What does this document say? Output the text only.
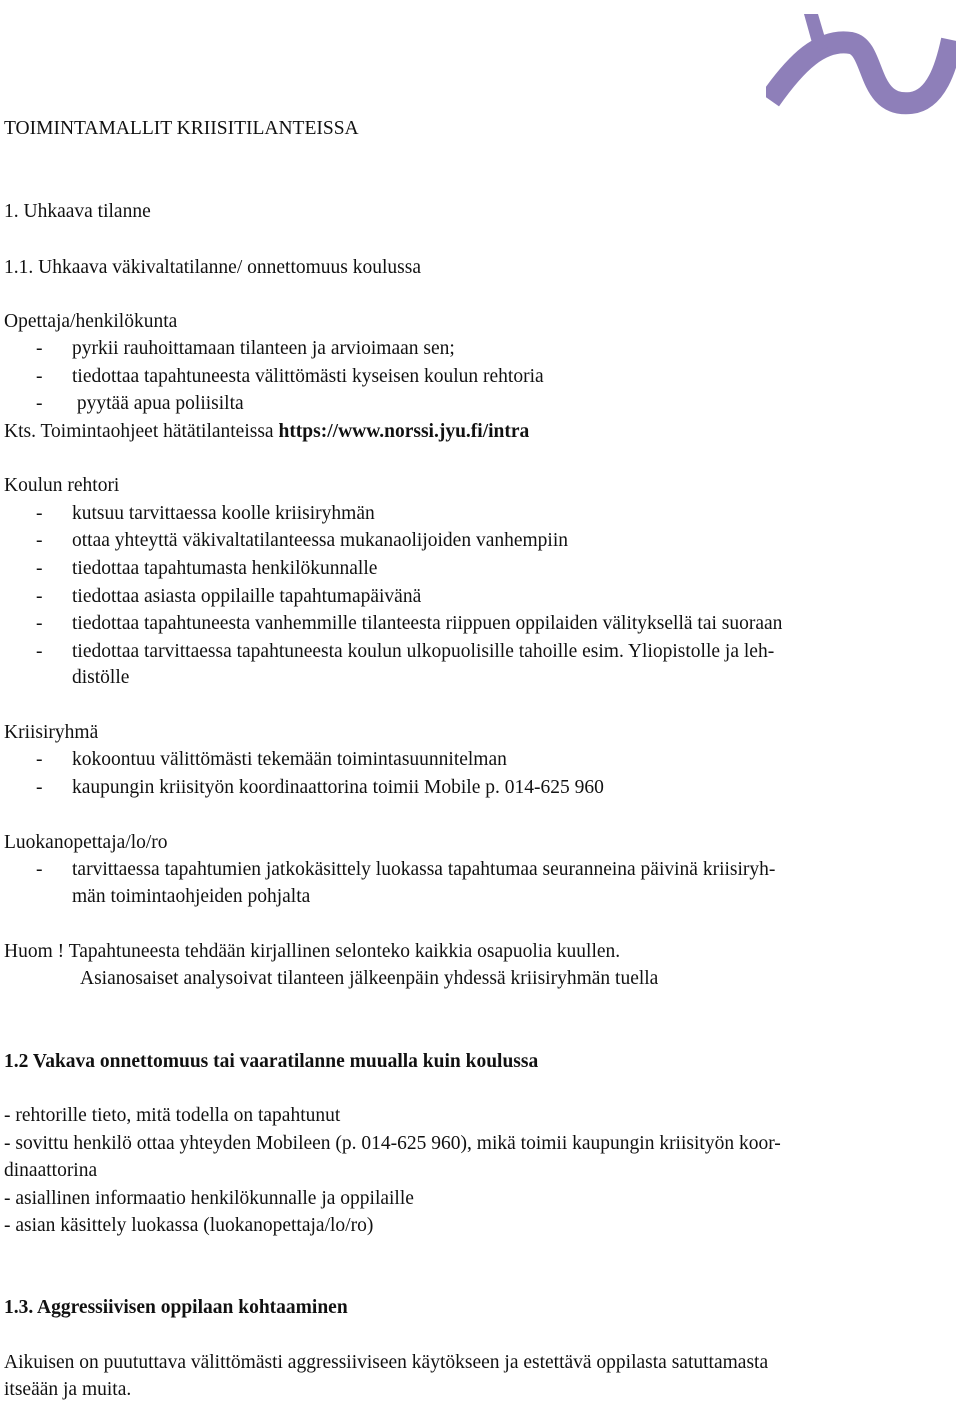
TOIMINTAMALLIT KRIISITILANTEISSA
1. Uhkaava tilanne
1.1. Uhkaava väkivaltatilanne/ onnettomuus koulussa
Opettaja/henkilökunta
- pyrkii rauhoittamaan tilanteen ja arvioimaan sen;
- tiedottaa tapahtuneesta välittömästi kyseisen koulun rehtoria
- pyytää apua poliisilta
Kts. Toimintaohjeet hätätilanteissa https://www.norssi.jyu.fi/intra
Koulun rehtori
- kutsuu tarvittaessa koolle kriisiryhmän
- ottaa yhteyttä väkivaltatilanteessa mukanaolijoiden vanhempiin
- tiedottaa tapahtumasta henkilökunnalle
- tiedottaa asiasta oppilaille tapahtumapäivänä
- tiedottaa tapahtuneesta vanhemmille tilanteesta riippuen oppilaiden välityksellä tai suoraan
- tiedottaa tarvittaessa tapahtuneesta koulun ulkopuolisille tahoille esim. Yliopistolle ja leh-
distölle
Kriisiryhmä
- kokoontuu välittömästi tekemään toimintasuunnitelman
- kaupungin kriisityön koordinaattorina toimii Mobile p. 014-625 960
Luokanopettaja/lo/ro
- tarvittaessa tapahtumien jatkokäsittely luokassa tapahtumaa seuranneina päivinä kriisiryh-
män toimintaohjeiden pohjalta
Huom ! Tapahtuneesta tehdään kirjallinen selonteko kaikkia osapuolia kuullen.
Asianosaiset analysoivat tilanteen jälkeenpäin yhdessä kriisiryhmän tuella
1.2 Vakava onnettomuus tai vaaratilanne muualla kuin koulussa
- rehtorille tieto, mitä todella on tapahtunut
- sovittu henkilö ottaa yhteyden Mobileen (p. 014-625 960), mikä toimii kaupungin kriisityön koor-
dinaattorina
- asiallinen informaatio henkilökunnalle ja oppilaille
- asian käsittely luokassa (luokanopettaja/lo/ro)
1.3. Aggressiivisen oppilaan kohtaaminen
Aikuisen on puututtava välittömästi aggressiiviseen käytökseen ja estettävä oppilasta satuttamasta
itseään ja muita.
